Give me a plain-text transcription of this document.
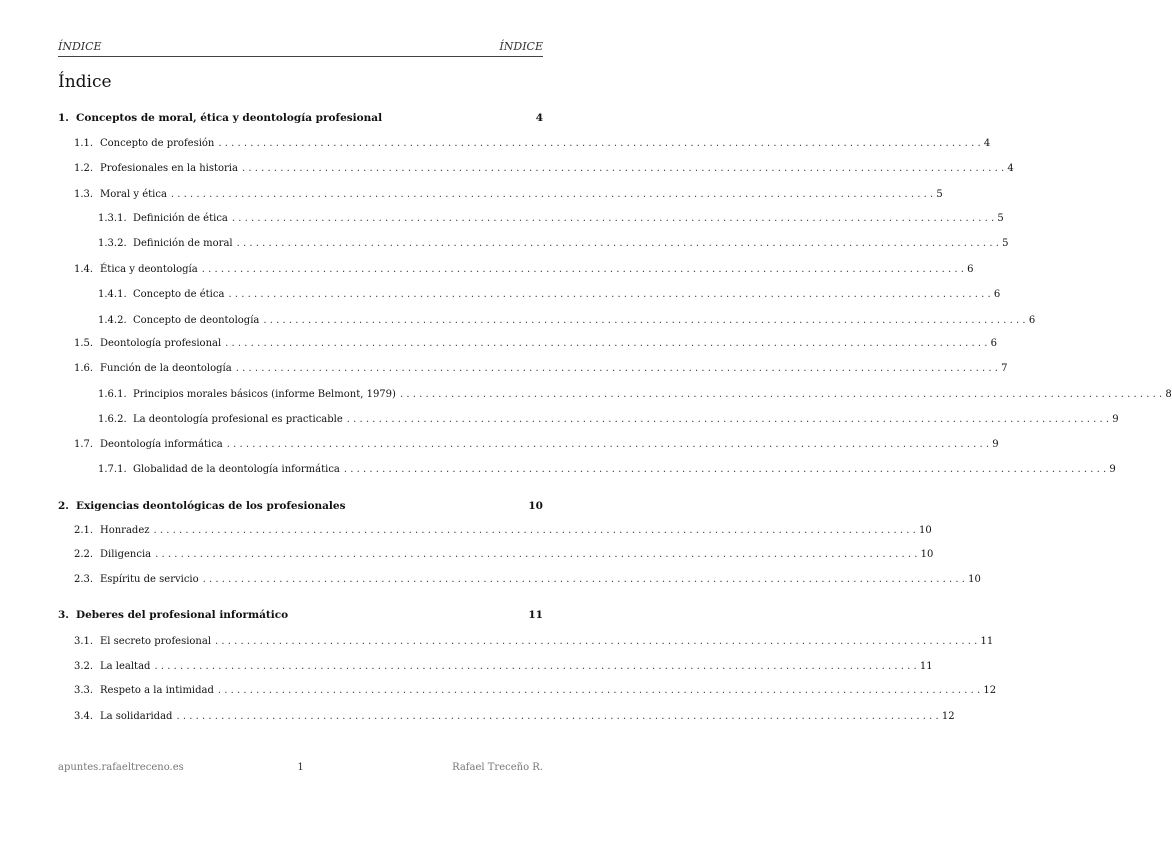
ÍNDICE	ÍNDICE
Índice
1. Conceptos de moral, ética y deontología profesional	4
1.1. Concepto de profesión ........................................................................................................................ 4
1.2. Profesionales en la historia ........................................................................................................................ 4
1.3. Moral y ética ........................................................................................................................ 5
1.3.1. Definición de ética ........................................................................................................................ 5
1.3.2. Definición de moral ........................................................................................................................ 5
1.4. Ética y deontología ........................................................................................................................ 6
1.4.1. Concepto de ética ........................................................................................................................ 6
1.4.2. Concepto de deontología ........................................................................................................................ 6
1.5. Deontología profesional ........................................................................................................................ 6
1.6. Función de la deontología ........................................................................................................................ 7
1.6.1. Principios morales básicos (informe Belmont, 1979) ........................................................................................................................ 8
1.6.2. La deontología profesional es practicable ........................................................................................................................ 9
1.7. Deontología informática ........................................................................................................................ 9
1.7.1. Globalidad de la deontología informática ........................................................................................................................ 9
2. Exigencias deontológicas de los profesionales	10
2.1. Honradez ........................................................................................................................ 10
2.2. Diligencia ........................................................................................................................ 10
2.3. Espíritu de servicio ........................................................................................................................ 10
3. Deberes del profesional informático	11
3.1. El secreto profesional ........................................................................................................................ 11
3.2. La lealtad ........................................................................................................................ 11
3.3. Respeto a la intimidad ........................................................................................................................ 12
3.4. La solidaridad ........................................................................................................................ 12
apuntes.rafaeltreceno.es	1	Rafael Treceño R.
